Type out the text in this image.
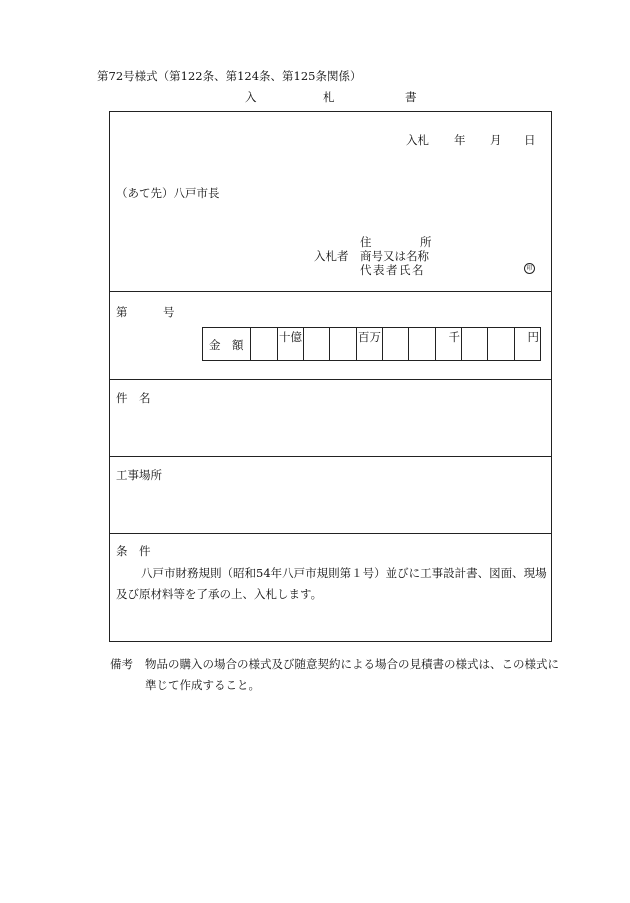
第72号様式（第122条、第124条、第125条関係）
入	札	書
入札 年 月 日
（あて先）八戸市長
入札者
住	所
商号又は名称
代表者氏名	印
第	号
金　額
十億	百万	千	円
件　名
工事場所
条　件
八戸市財務規則（昭和54年八戸市規則第１号）並びに工事設計書、図面、現場
及び原材料等を了承の上、入札します。
備考 物品の購入の場合の様式及び随意契約による場合の見積書の様式は、この様式に
準じて作成すること。
